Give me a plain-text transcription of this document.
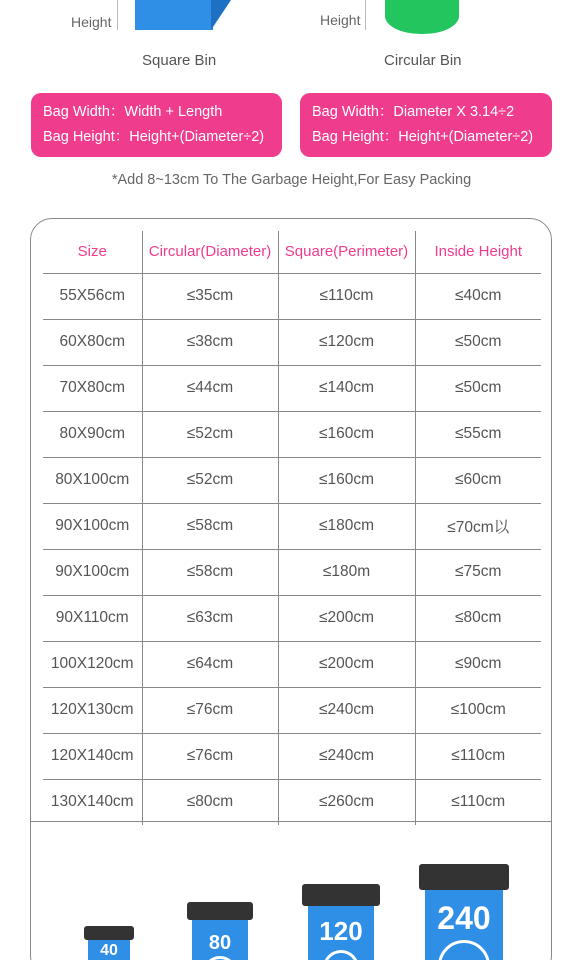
Height
Square Bin
Height
Circular Bin
Bag Width：Width + Length
Bag Height：Height+(Diameter÷2)
Bag Width：Diameter X 3.14÷2
Bag Height：Height+(Diameter÷2)
*Add 8~13cm To The Garbage Height,For Easy Packing
Size	Circular(Diameter)	Square(Perimeter)	Inside Height
55X56cm	≤35cm	≤110cm	≤40cm
60X80cm	≤38cm	≤120cm	≤50cm
70X80cm	≤44cm	≤140cm	≤50cm
80X90cm	≤52cm	≤160cm	≤55cm
80X100cm	≤52cm	≤160cm	≤60cm
90X100cm	≤58cm	≤180cm	≤70cm以
90X100cm	≤58cm	≤180m	≤75cm
90X110cm	≤63cm	≤200cm	≤80cm
100X120cm	≤64cm	≤200cm	≤90cm
120X130cm	≤76cm	≤240cm	≤100cm
120X140cm	≤76cm	≤240cm	≤110cm
130X140cm	≤80cm	≤260cm	≤110cm
40	80	120	240
